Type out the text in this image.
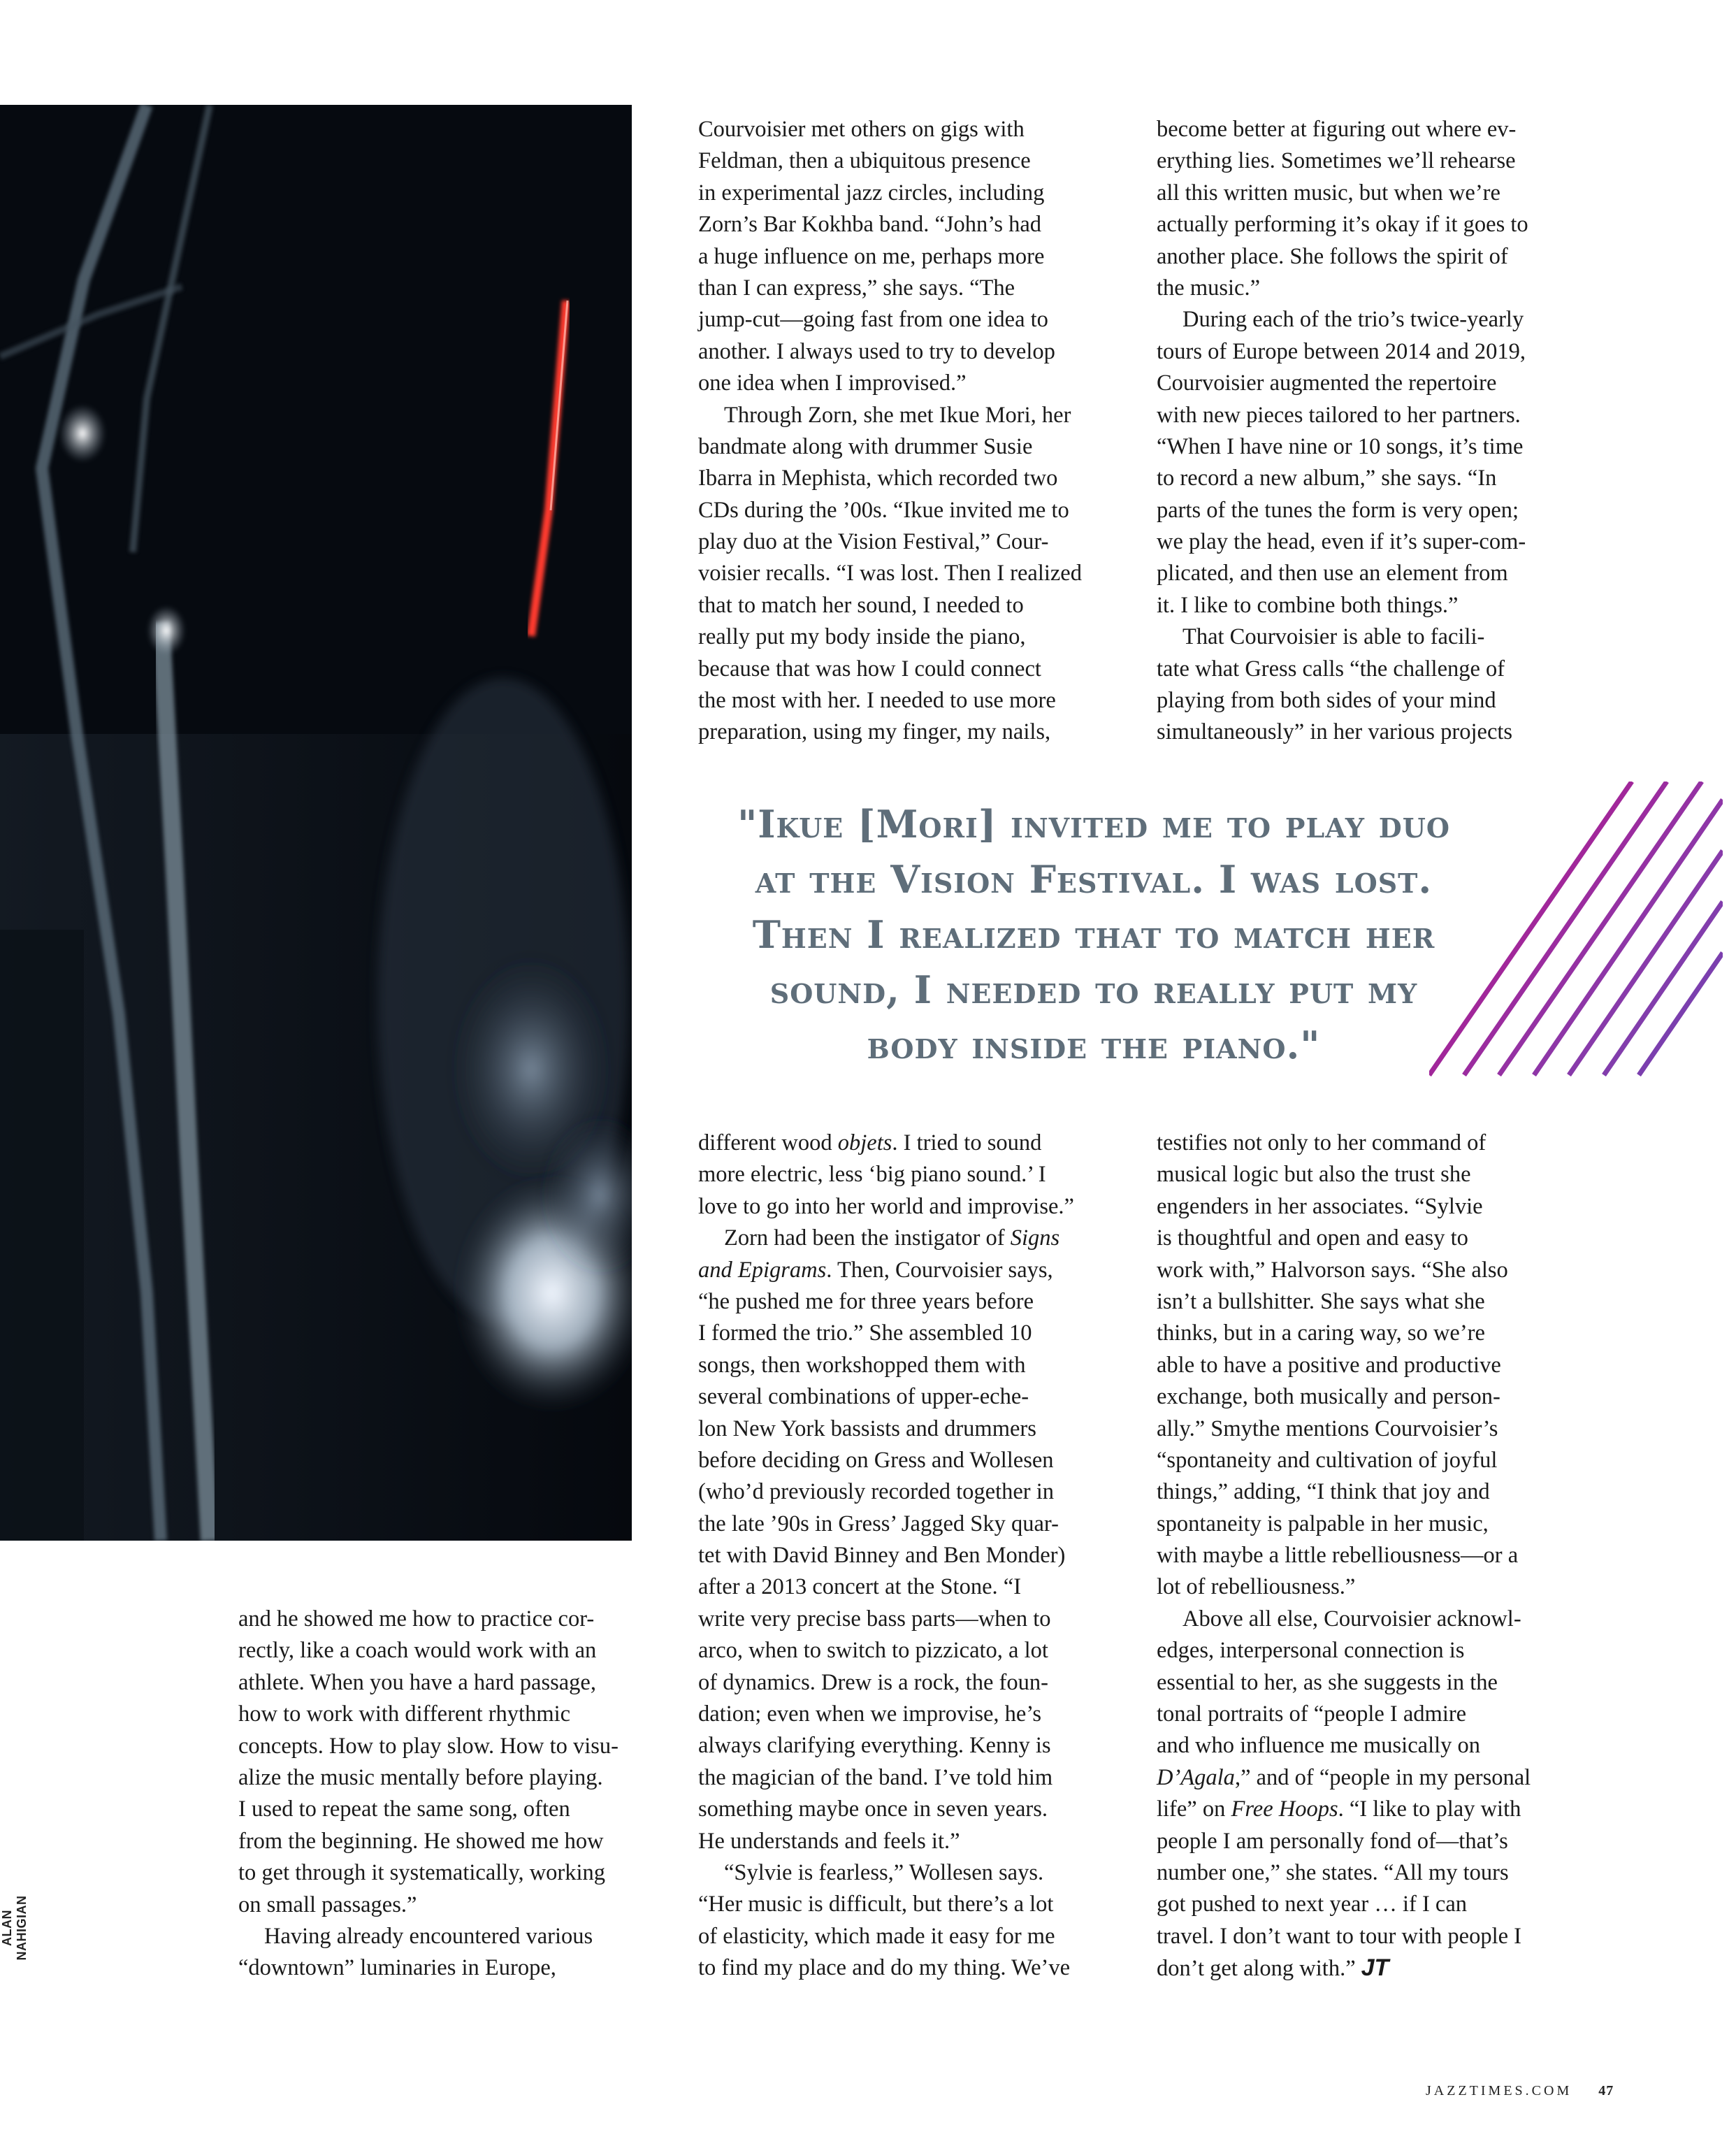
ALAN NAHIGIAN
and he showed me how to practice cor-
rectly, like a coach would work with an
athlete. When you have a hard passage,
how to work with different rhythmic
concepts. How to play slow. How to visu-
alize the music mentally before playing.
I used to repeat the same song, often
from the beginning. He showed me how
to get through it systematically, working
on small passages.”
Having already encountered various
“downtown” luminaries in Europe,
Courvoisier met others on gigs with
Feldman, then a ubiquitous presence
in experimental jazz circles, including
Zorn’s Bar Kokhba band. “John’s had
a huge influence on me, perhaps more
than I can express,” she says. “The
jump-cut—going fast from one idea to
another. I always used to try to develop
one idea when I improvised.”
Through Zorn, she met Ikue Mori, her
bandmate along with drummer Susie
Ibarra in Mephista, which recorded two
CDs during the ’00s. “Ikue invited me to
play duo at the Vision Festival,” Cour-
voisier recalls. “I was lost. Then I realized
that to match her sound, I needed to
really put my body inside the piano,
because that was how I could connect
the most with her. I needed to use more
preparation, using my finger, my nails,
become better at figuring out where ev-
erything lies. Sometimes we’ll rehearse
all this written music, but when we’re
actually performing it’s okay if it goes to
another place. She follows the spirit of
the music.”
During each of the trio’s twice-yearly
tours of Europe between 2014 and 2019,
Courvoisier augmented the repertoire
with new pieces tailored to her partners.
“When I have nine or 10 songs, it’s time
to record a new album,” she says. “In
parts of the tunes the form is very open;
we play the head, even if it’s super-com-
plicated, and then use an element from
it. I like to combine both things.”
That Courvoisier is able to facili-
tate what Gress calls “the challenge of
playing from both sides of your mind
simultaneously” in her various projects
"Ikue [Mori] invited me to play duo
at the Vision Festival. I was lost.
Then I realized that to match her
sound, I needed to really put my
body inside the piano."
different wood objets. I tried to sound
more electric, less ‘big piano sound.’ I
love to go into her world and improvise.”
Zorn had been the instigator of Signs
and Epigrams. Then, Courvoisier says,
“he pushed me for three years before
I formed the trio.” She assembled 10
songs, then workshopped them with
several combinations of upper-eche-
lon New York bassists and drummers
before deciding on Gress and Wollesen
(who’d previously recorded together in
the late ’90s in Gress’ Jagged Sky quar-
tet with David Binney and Ben Monder)
after a 2013 concert at the Stone. “I
write very precise bass parts—when to
arco, when to switch to pizzicato, a lot
of dynamics. Drew is a rock, the foun-
dation; even when we improvise, he’s
always clarifying everything. Kenny is
the magician of the band. I’ve told him
something maybe once in seven years.
He understands and feels it.”
“Sylvie is fearless,” Wollesen says.
“Her music is difficult, but there’s a lot
of elasticity, which made it easy for me
to find my place and do my thing. We’ve
testifies not only to her command of
musical logic but also the trust she
engenders in her associates. “Sylvie
is thoughtful and open and easy to
work with,” Halvorson says. “She also
isn’t a bullshitter. She says what she
thinks, but in a caring way, so we’re
able to have a positive and productive
exchange, both musically and person-
ally.” Smythe mentions Courvoisier’s
“spontaneity and cultivation of joyful
things,” adding, “I think that joy and
spontaneity is palpable in her music,
with maybe a little rebelliousness—or a
lot of rebelliousness.”
Above all else, Courvoisier acknowl-
edges, interpersonal connection is
essential to her, as she suggests in the
tonal portraits of “people I admire
and who influence me musically on
D’Agala,” and of “people in my personal
life” on Free Hoops. “I like to play with
people I am personally fond of—that’s
number one,” she states. “All my tours
got pushed to next year … if I can
travel. I don’t want to tour with people I
don’t get along with.” JT
JAZZTIMES.COM 47
